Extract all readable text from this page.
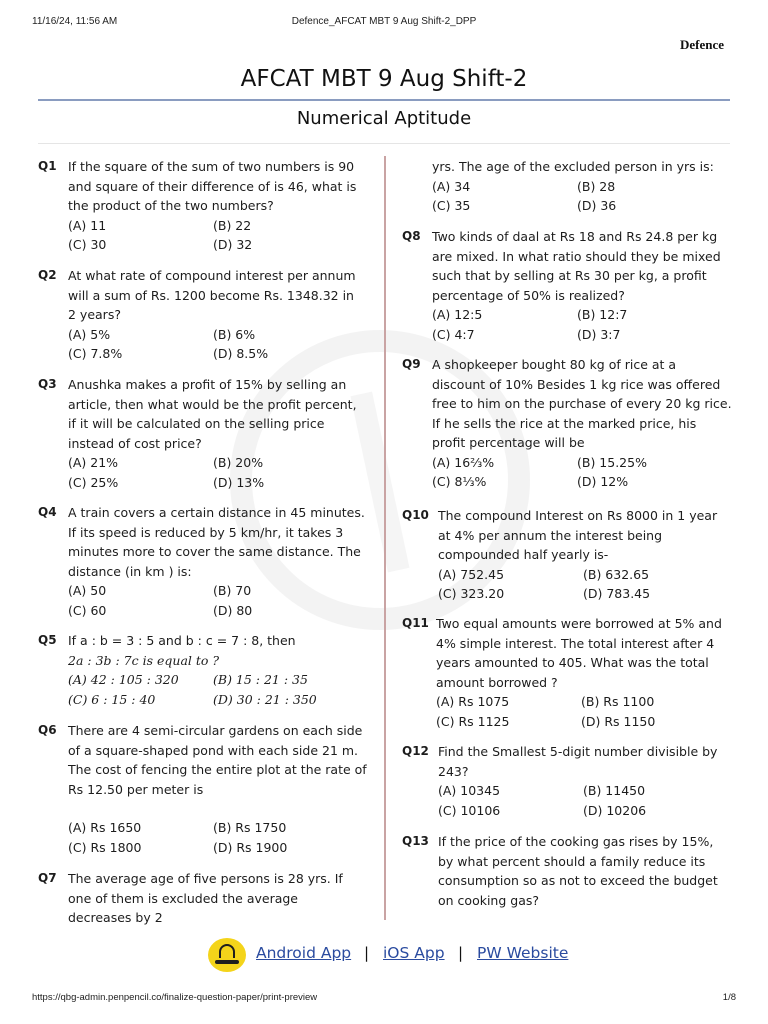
11/16/24, 11:56 AM	Defence_AFCAT MBT 9 Aug Shift-2_DPP
Defence
AFCAT MBT 9 Aug Shift-2
Numerical Aptitude
Q1 If the square of the sum of two numbers is 90 and square of their difference of is 46, what is the product of the two numbers?
(A) 11	(B) 22
(C) 30	(D) 32
Q2 At what rate of compound interest per annum will a sum of Rs. 1200 become Rs. 1348.32 in 2 years?
(A) 5%	(B) 6%
(C) 7.8%	(D) 8.5%
Q3 Anushka makes a profit of 15% by selling an article, then what would be the profit percent, if it will be calculated on the selling price instead of cost price?
(A) 21%	(B) 20%
(C) 25%	(D) 13%
Q4 A train covers a certain distance in 45 minutes. If its speed is reduced by 5 km/hr, it takes 3 minutes more to cover the same distance. The distance (in km ) is:
(A) 50	(B) 70
(C) 60	(D) 80
Q5 If a : b = 3 : 5 and b : c = 7 : 8, then
2a : 3b : 7c is equal to ?
(A) 42 : 105 : 320	(B) 15 : 21 : 35
(C) 6 : 15 : 40	(D) 30 : 21 : 350
Q6 There are 4 semi-circular gardens on each side of a square-shaped pond with each side 21 m. The cost of fencing the entire plot at the rate of Rs 12.50 per meter is
(A) Rs 1650	(B) Rs 1750
(C) Rs 1800	(D) Rs 1900
Q7 The average age of five persons is 28 yrs. If one of them is excluded the average decreases by 2
yrs. The age of the excluded person in yrs is:
(A) 34	(B) 28
(C) 35	(D) 36
Q8 Two kinds of daal at Rs 18 and Rs 24.8 per kg are mixed. In what ratio should they be mixed such that by selling at Rs 30 per kg, a profit percentage of 50% is realized?
(A) 12:5	(B) 12:7
(C) 4:7	(D) 3:7
Q9 A shopkeeper bought 80 kg of rice at a discount of 10% Besides 1 kg rice was offered free to him on the purchase of every 20 kg rice. If he sells the rice at the marked price, his profit percentage will be
(A) 16⅔%	(B) 15.25%
(C) 8⅓%	(D) 12%
Q10 The compound Interest on Rs 8000 in 1 year at 4% per annum the interest being compounded half yearly is-
(A) 752.45	(B) 632.65
(C) 323.20	(D) 783.45
Q11 Two equal amounts were borrowed at 5% and 4% simple interest. The total interest after 4 years amounted to 405. What was the total amount borrowed ?
(A) Rs 1075	(B) Rs 1100
(C) Rs 1125	(D) Rs 1150
Q12 Find the Smallest 5-digit number divisible by 243?
(A) 10345	(B) 11450
(C) 10106	(D) 10206
Q13 If the price of the cooking gas rises by 15%, by what percent should a family reduce its consumption so as not to exceed the budget on cooking gas?
Android App | iOS App | PW Website
https://qbg-admin.penpencil.co/finalize-question-paper/print-preview	1/8
